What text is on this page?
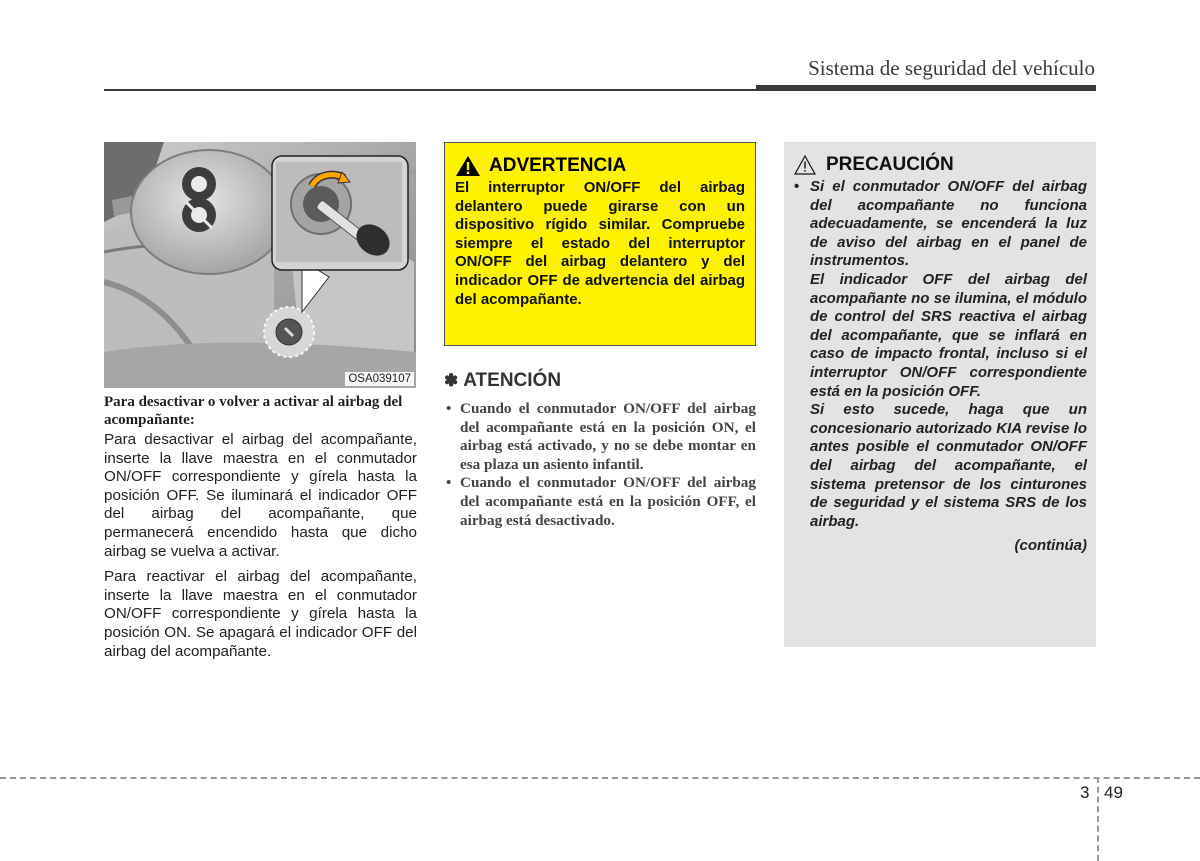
Sistema de seguridad del vehículo
OSA039107
Para desactivar o volver a activar al airbag del acompañante:
Para desactivar el airbag del acompañante, inserte la llave maestra en el conmutador ON/OFF correspondiente y gírela hasta la posición OFF. Se iluminará el indicador OFF del airbag del acompañante, que permanecerá encendido hasta que dicho airbag se vuelva a activar.
Para reactivar el airbag del acompañante, inserte la llave maestra en el conmutador ON/OFF correspondiente y gírela hasta la posición ON. Se apagará el indicador OFF del airbag del acompañante.
ADVERTENCIA
El interruptor ON/OFF del airbag delantero puede girarse con un dispositivo rígido similar. Compruebe siempre el estado del interruptor ON/OFF del airbag delantero y del indicador OFF de advertencia del airbag del acompañante.
✽ ATENCIÓN
• Cuando el conmutador ON/OFF del airbag del acompañante está en la posición ON, el airbag está activado, y no se debe montar en esa plaza un asiento infantil.
• Cuando el conmutador ON/OFF del airbag del acompañante está en la posición OFF, el airbag está desactivado.
PRECAUCIÓN
• Si el conmutador ON/OFF del airbag del acompañante no funciona adecuadamente, se encenderá la luz de aviso del airbag en el panel de instrumentos.
El indicador OFF del airbag del acompañante no se ilumina, el módulo de control del SRS reactiva el airbag del acompañante, que se inflará en caso de impacto frontal, incluso si el interruptor ON/OFF correspondiente está en la posición OFF.
Si esto sucede, haga que un concesionario autorizado KIA revise lo antes posible el conmutador ON/OFF del airbag del acompañante, el sistema pretensor de los cinturones de seguridad y el sistema SRS de los airbag.
(continúa)
3 49
